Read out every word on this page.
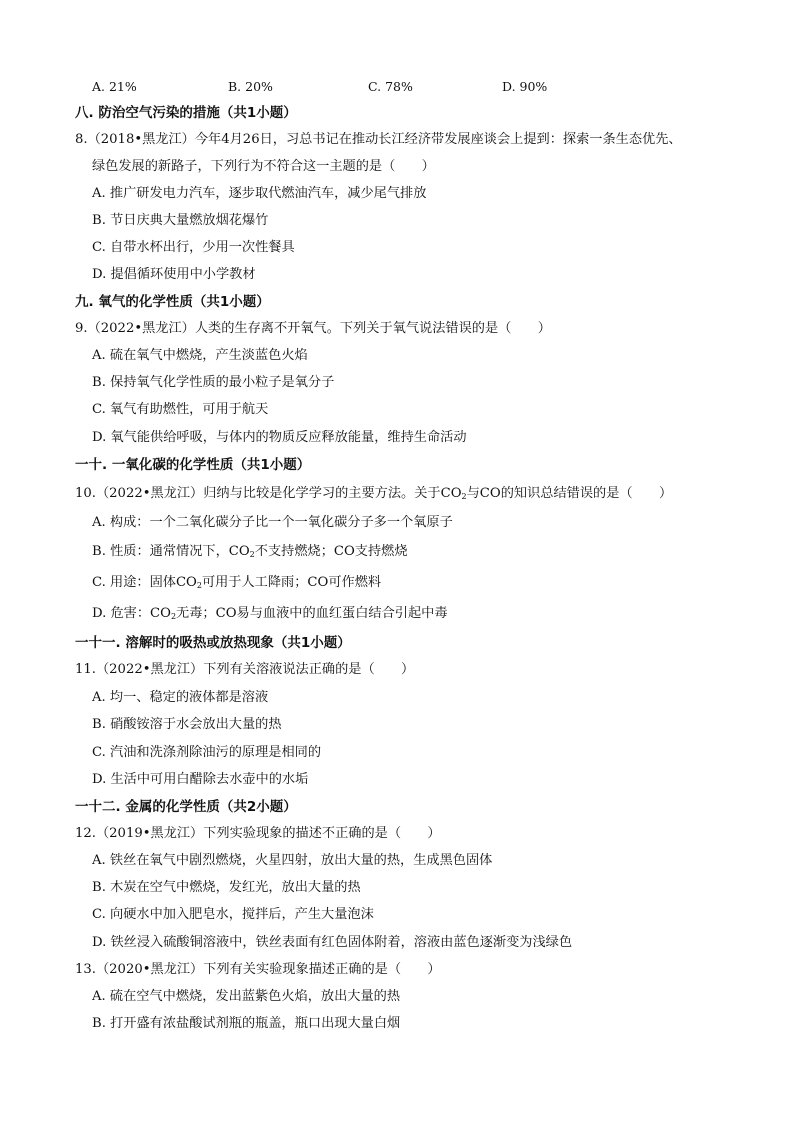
A. 21%	B. 20%	C. 78%	D. 90%
八. 防治空气污染的措施（共1小题）
8.（2018•黑龙江）今年4月26日，习总书记在推动长江经济带发展座谈会上提到：探索一条生态优先、
绿色发展的新路子，下列行为不符合这一主题的是（　　）
A. 推广研发电力汽车，逐步取代燃油汽车，减少尾气排放
B. 节日庆典大量燃放烟花爆竹
C. 自带水杯出行，少用一次性餐具
D. 提倡循环使用中小学教材
九. 氧气的化学性质（共1小题）
9.（2022•黑龙江）人类的生存离不开氧气。下列关于氧气说法错误的是（　　）
A. 硫在氧气中燃烧，产生淡蓝色火焰
B. 保持氧气化学性质的最小粒子是氧分子
C. 氧气有助燃性，可用于航天
D. 氧气能供给呼吸，与体内的物质反应释放能量，维持生命活动
一十. 一氧化碳的化学性质（共1小题）
10.（2022•黑龙江）归纳与比较是化学学习的主要方法。关于$CO_2$与CO的知识总结错误的是（　　）
A. 构成：一个二氧化碳分子比一个一氧化碳分子多一个氧原子
B. 性质：通常情况下，$CO_2$不支持燃烧；CO支持燃烧
C. 用途：固体$CO_2$可用于人工降雨；CO可作燃料
D. 危害：$CO_2$无毒；CO易与血液中的血红蛋白结合引起中毒
一十一. 溶解时的吸热或放热现象（共1小题）
11.（2022•黑龙江）下列有关溶液说法正确的是（　　）
A. 均一、稳定的液体都是溶液
B. 硝酸铵溶于水会放出大量的热
C. 汽油和洗涤剂除油污的原理是相同的
D. 生活中可用白醋除去水壶中的水垢
一十二. 金属的化学性质（共2小题）
12.（2019•黑龙江）下列实验现象的描述不正确的是（　　）
A. 铁丝在氧气中剧烈燃烧，火星四射，放出大量的热，生成黑色固体
B. 木炭在空气中燃烧，发红光，放出大量的热
C. 向硬水中加入肥皂水，搅拌后，产生大量泡沫
D. 铁丝浸入硫酸铜溶液中，铁丝表面有红色固体附着，溶液由蓝色逐渐变为浅绿色
13.（2020•黑龙江）下列有关实验现象描述正确的是（　　）
A. 硫在空气中燃烧，发出蓝紫色火焰，放出大量的热
B. 打开盛有浓盐酸试剂瓶的瓶盖，瓶口出现大量白烟
